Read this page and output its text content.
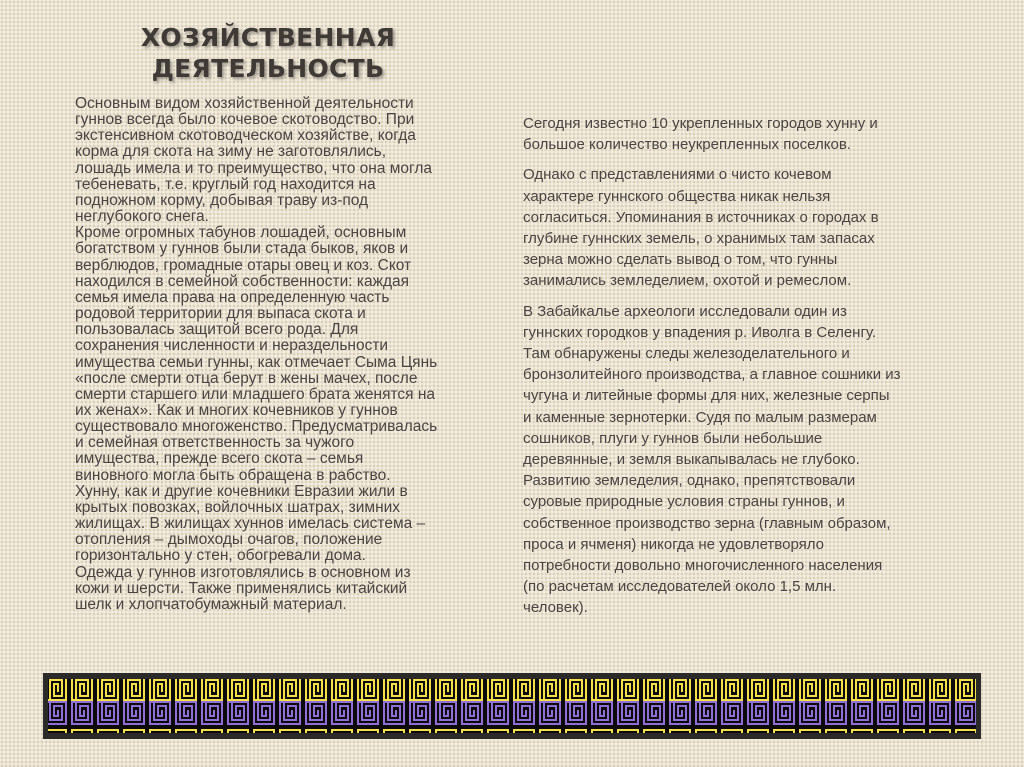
ХОЗЯЙСТВЕННАЯ
ДЕЯТЕЛЬНОСТЬ

Основным видом хозяйственной деятельности
гуннов всегда было кочевое скотоводство. При
экстенсивном скотоводческом хозяйстве, когда
корма для скота на зиму не заготовлялись,
лошадь имела и то преимущество, что она могла
тебеневать, т.е. круглый год находится на
подножном корму, добывая траву из-под
неглубокого снега.
Кроме огромных табунов лошадей, основным
богатством у гуннов были стада быков, яков и
верблюдов, громадные отары овец и коз. Скот
находился в семейной собственности: каждая
семья имела права на определенную часть
родовой территории для выпаса скота и
пользовалась защитой всего рода. Для
сохранения численности и нераздельности
имущества семьи гунны, как отмечает Сыма Цянь
«после смерти отца берут в жены мачех, после
смерти старшего или младшего брата женятся на
их женах». Как и многих кочевников у гуннов
существовало многоженство. Предусматривалась
и семейная ответственность за чужого
имущества, прежде всего скота – семья
виновного могла быть обращена в рабство.
Хунну, как и другие кочевники Евразии жили в
крытых повозках, войлочных шатрах, зимних
жилищах. В жилищах хуннов имелась система –
отопления – дымоходы очагов, положение
горизонтально у стен, обогревали дома.
Одежда у гуннов изготовлялись в основном из
кожи и шерсти. Также применялись китайский
шелк и хлопчатобумажный материал.

Сегодня известно 10 укрепленных городов хунну и
большое количество неукрепленных поселков.

Однако с представлениями о чисто кочевом
характере гуннского общества никак нельзя
согласиться. Упоминания в источниках о городах в
глубине гуннских земель, о хранимых там запасах
зерна можно сделать вывод о том, что гунны
занимались земледелием, охотой и ремеслом.

В Забайкалье археологи исследовали один из
гуннских городков у впадения р. Иволга в Селенгу.
Там обнаружены следы железоделательного и
бронзолитейного производства, а главное сошники из
чугуна и литейные формы для них, железные серпы
и каменные зернотерки. Судя по малым размерам
сошников, плуги у гуннов были небольшие
деревянные, и земля выкапывалась не глубоко.
Развитию земледелия, однако, препятствовали
суровые природные условия страны гуннов, и
собственное производство зерна (главным образом,
проса и ячменя) никогда не удовлетворяло
потребности довольно многочисленного населения
(по расчетам исследователей около 1,5 млн.
человек).
